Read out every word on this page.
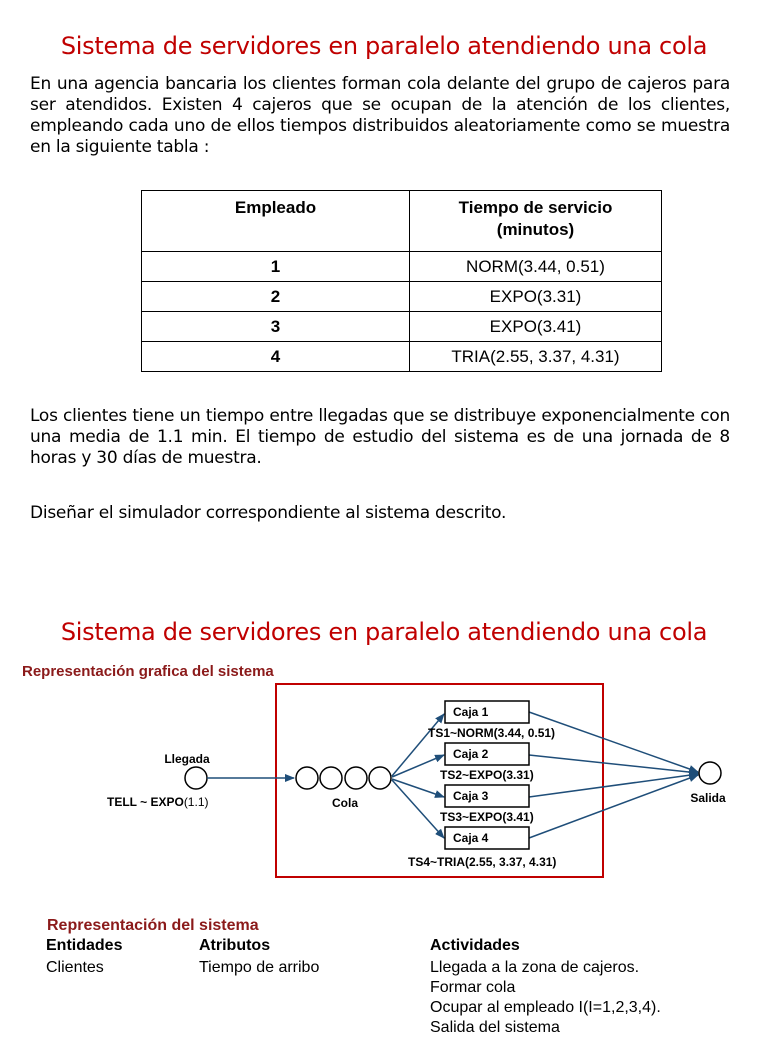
Sistema de servidores en paralelo atendiendo una cola
En una agencia bancaria los clientes forman cola delante del grupo de cajeros para ser atendidos. Existen 4 cajeros que se ocupan de la atención de los clientes, empleando cada uno de ellos tiempos distribuidos aleatoriamente como se muestra en la siguiente tabla :
Empleado	Tiempo de servicio (minutos)
1	NORM(3.44, 0.51)
2	EXPO(3.31)
3	EXPO(3.41)
4	TRIA(2.55, 3.37, 4.31)
Los clientes tiene un tiempo entre llegadas que se distribuye exponencialmente con una media de 1.1 min. El tiempo de estudio del sistema es de una jornada de 8 horas y 30 días de muestra.
Diseñar el simulador correspondiente al sistema descrito.
Sistema de servidores en paralelo atendiendo una cola
Representación grafica del sistema
Llegada
TELL ~ EXPO(1.1)	Cola	Salida
Caja 1
Caja 2
Caja 3
Caja 4
TS1~NORM(3.44, 0.51)
TS2~EXPO(3.31)
TS3~EXPO(3.41)
TS4~TRIA(2.55, 3.37, 4.31)
Representación del sistema
Entidades	Atributos	Actividades
Clientes	Tiempo de arribo	Llegada a la zona de cajeros.
Formar cola
Ocupar al empleado I(I=1,2,3,4).
Salida del sistema
